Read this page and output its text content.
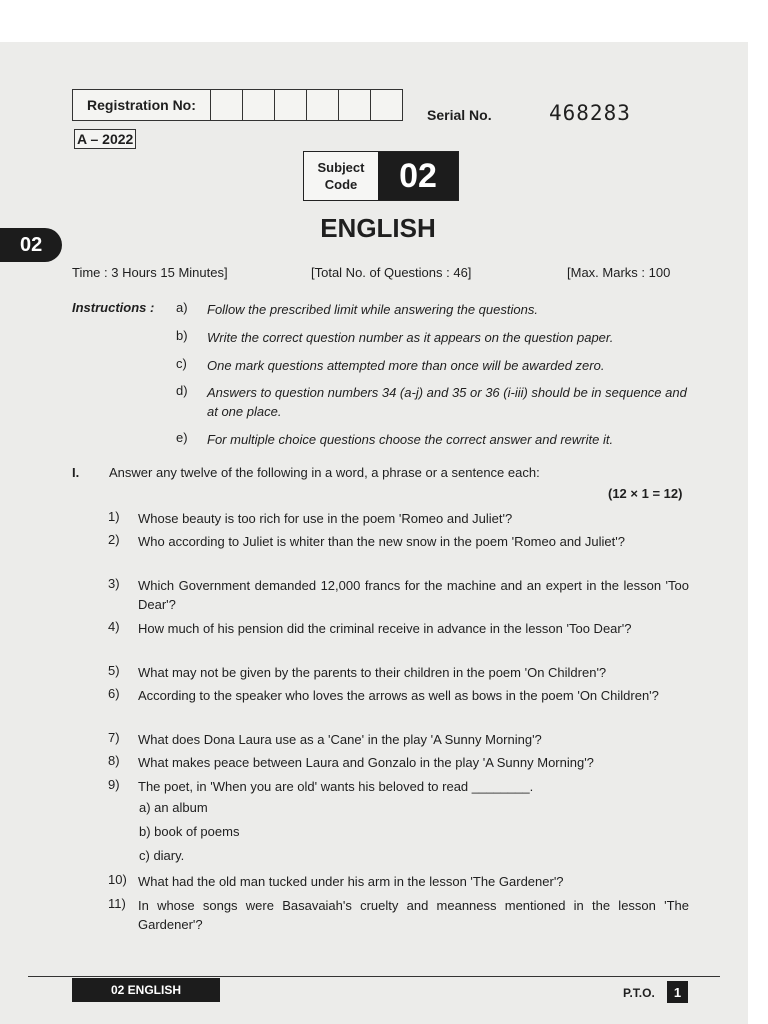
Registration No:
Serial No.	468283
A – 2022
Subject
Code	02
ENGLISH
02
Time : 3 Hours 15 Minutes]	[Total No. of Questions : 46]	[Max. Marks : 100
Instructions : a) Follow the prescribed limit while answering the questions.
b) Write the correct question number as it appears on the question paper.
c) One mark questions attempted more than once will be awarded zero.
d) Answers to question numbers 34 (a-j) and 35 or 36 (i-iii) should be in sequence and at one place.
e) For multiple choice questions choose the correct answer and rewrite it.
I. Answer any twelve of the following in a word, a phrase or a sentence each:
(12 × 1 = 12)
1)	Whose beauty is too rich for use in the poem 'Romeo and Juliet'?
2)	Who according to Juliet is whiter than the new snow in the poem 'Romeo and Juliet'?
3)	Which Government demanded 12,000 francs for the machine and an expert in the lesson 'Too Dear'?
4)	How much of his pension did the criminal receive in advance in the lesson 'Too Dear'?
5)	What may not be given by the parents to their children in the poem 'On Children'?
6)	According to the speaker who loves the arrows as well as bows in the poem 'On Children'?
7)	What does Dona Laura use as a 'Cane' in the play 'A Sunny Morning'?
8)	What makes peace between Laura and Gonzalo in the play 'A Sunny Morning'?
9)	The poet, in 'When you are old' wants his beloved to read ________.
a) an album
b) book of poems
c) diary.
10) What had the old man tucked under his arm in the lesson 'The Gardener'?
11) In whose songs were Basavaiah's cruelty and meanness mentioned in the lesson 'The Gardener'?
02 ENGLISH	P.T.O.	1
